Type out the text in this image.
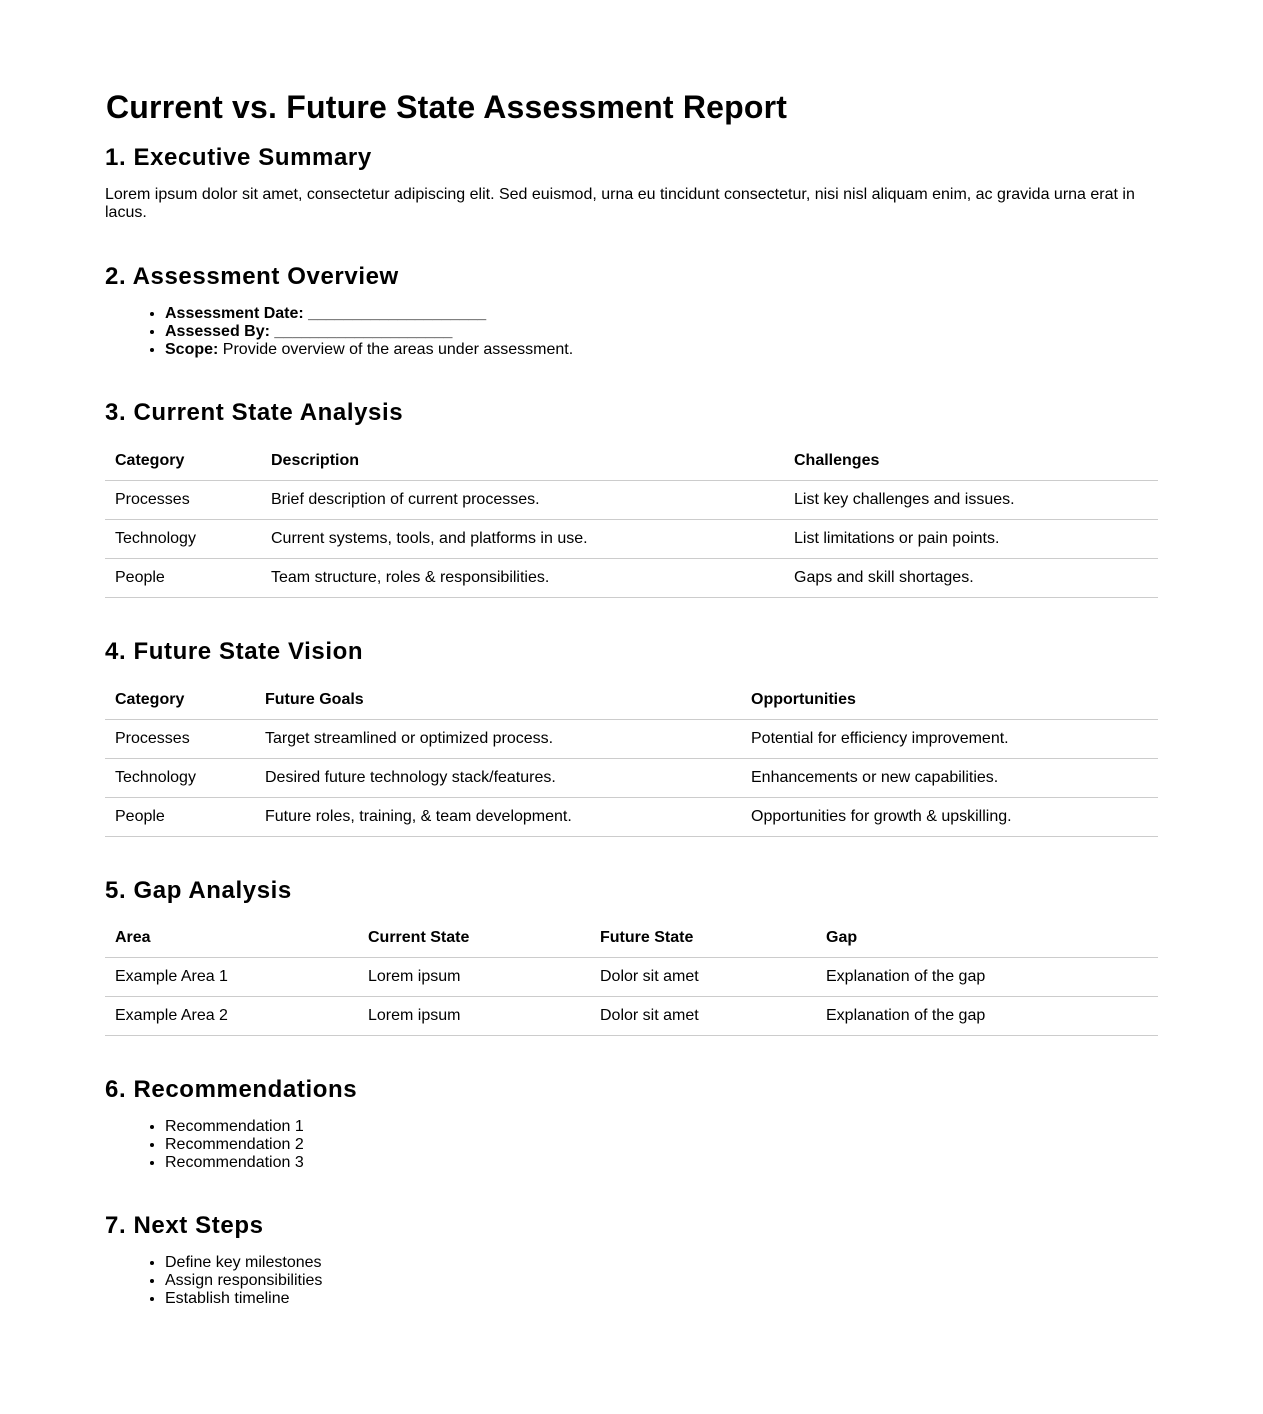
Current vs. Future State Assessment Report
1. Executive Summary

Lorem ipsum dolor sit amet, consectetur adipiscing elit. Sed euismod, urna eu tincidunt consectetur, nisi nisl aliquam enim, ac gravida urna erat in lacus.

2. Assessment Overview
• Assessment Date: ____________________
• Assessed By: ____________________
• Scope: Provide overview of the areas under assessment.
3. Current State Analysis
Category	Description	Challenges
Processes	Brief description of current processes.	List key challenges and issues.
Technology	Current systems, tools, and platforms in use.	List limitations or pain points.
People	Team structure, roles & responsibilities.	Gaps and skill shortages.
4. Future State Vision
Category	Future Goals	Opportunities
Processes	Target streamlined or optimized process.	Potential for efficiency improvement.
Technology	Desired future technology stack/features.	Enhancements or new capabilities.
People	Future roles, training, & team development.	Opportunities for growth & upskilling.
5. Gap Analysis
Area	Current State	Future State	Gap
Example Area 1	Lorem ipsum	Dolor sit amet	Explanation of the gap
Example Area 2	Lorem ipsum	Dolor sit amet	Explanation of the gap
6. Recommendations
• Recommendation 1
• Recommendation 2
• Recommendation 3
7. Next Steps
• Define key milestones
• Assign responsibilities
• Establish timeline
